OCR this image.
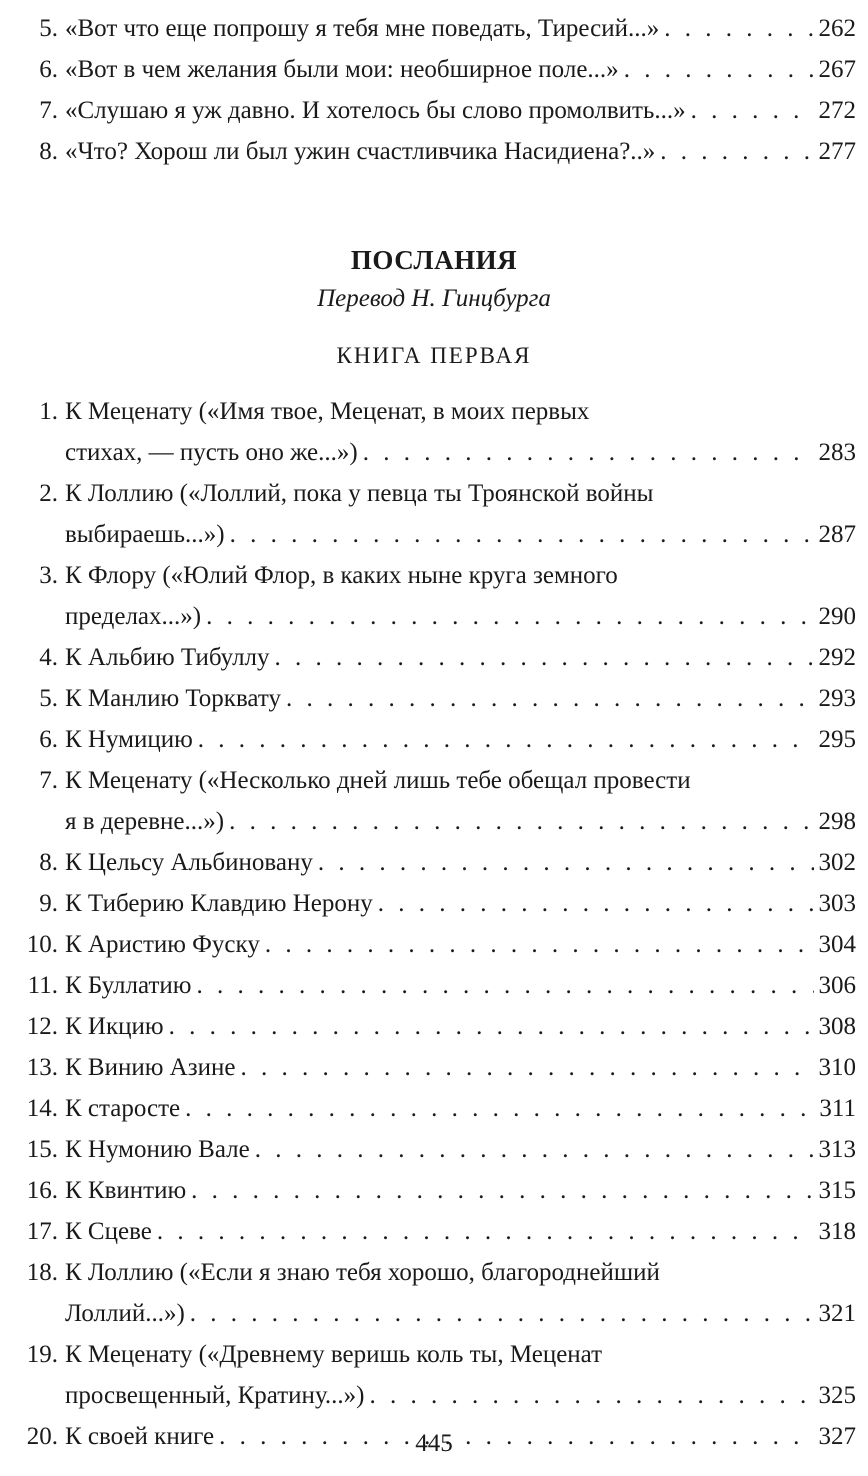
5. «Вот что еще попрошу я тебя мне поведать, Тиресий...» . . .	262
6. «Вот в чем желания были мои: необширное поле...» . . .	267
7. «Слушаю я уж давно. И хотелось бы слово промолвить...» . . .	272
8. «Что? Хорош ли был ужин счастливчика Насидиена?..» . . .	277
ПОСЛАНИЯ
Перевод Н. Гинцбурга
КНИГА ПЕРВАЯ
1. К Меценату («Имя твое, Меценат, в моих первых
стихах, — пусть оно же...») . . .	283
2. К Лоллию («Лоллий, пока у певца ты Троянской войны
выбираешь...») . . .	287
3. К Флору («Юлий Флор, в каких ныне круга земного
пределах...») . . .	290
4. К Альбию Тибуллу . . .	292
5. К Манлию Торквату . . .	293
6. К Нумицию . . .	295
7. К Меценату («Несколько дней лишь тебе обещал провести
я в деревне...») . . .	298
8. К Цельсу Альбиновану . . .	302
9. К Тиберию Клавдию Нерону . . .	303
10. К Аристию Фуску . . .	304
11. К Буллатию . . .	306
12. К Икцию . . .	308
13. К Винию Азине . . .	310
14. К старосте . . .	311
15. К Нумонию Вале . . .	313
16. К Квинтию . . .	315
17. К Сцеве . . .	318
18. К Лоллию («Если я знаю тебя хорошо, благороднейший
Лоллий...») . . .	321
19. К Меценату («Древнему веришь коль ты, Меценат
просвещенный, Кратину...») . . .	325
20. К своей книге . . .	327
445
